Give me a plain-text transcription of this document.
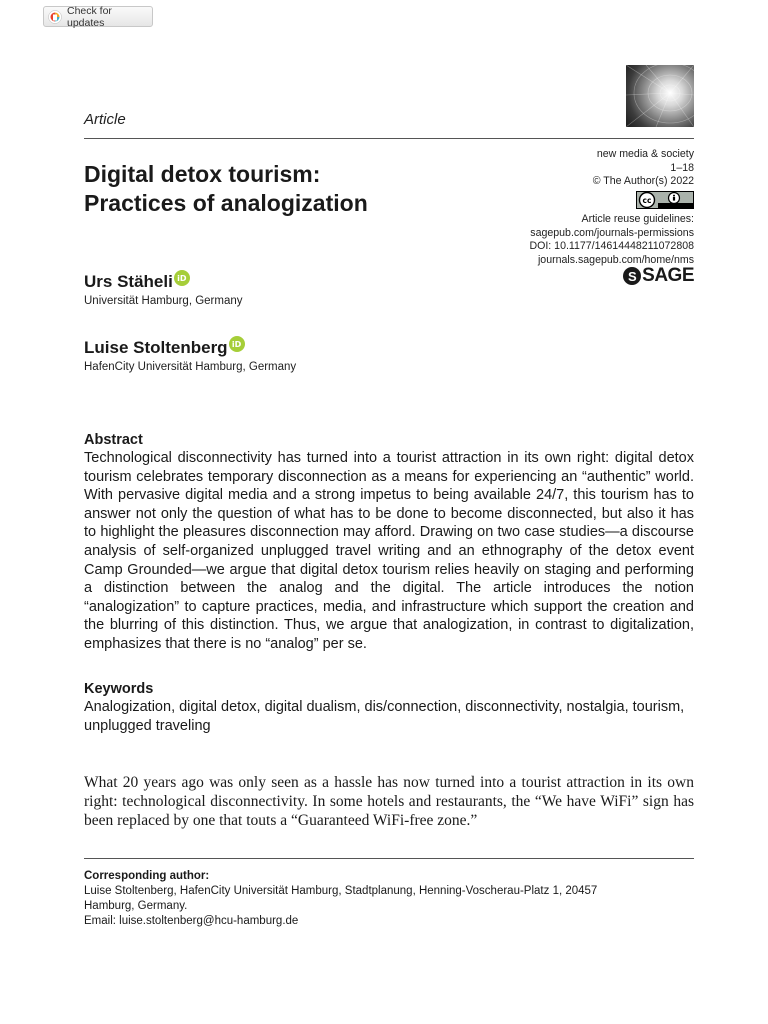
Check for updates
Article
Digital detox tourism:
Practices of analogization
new media & society
1–18
© The Author(s) 2022
cc
Article reuse guidelines:
sagepub.com/journals-permissions
DOI: 10.1177/14614448211072808
journals.sagepub.com/home/nms
S SAGE
Urs Stäheli iD
Universität Hamburg, Germany
Luise Stoltenberg iD
HafenCity Universität Hamburg, Germany
Abstract
Technological disconnectivity has turned into a tourist attraction in its own right: digital detox tourism celebrates temporary disconnection as a means for experiencing an “authentic” world. With pervasive digital media and a strong impetus to being available 24/7, this tourism has to answer not only the question of what has to be done to become disconnected, but also it has to highlight the pleasures disconnection may afford. Drawing on two case studies—a discourse analysis of self-organized unplugged travel writing and an ethnography of the detox event Camp Grounded—we argue that digital detox tourism relies heavily on staging and performing a distinction between the analog and the digital. The article introduces the notion “analogization” to capture practices, media, and infrastructure which support the creation and the blurring of this distinction. Thus, we argue that analogization, in contrast to digitalization, emphasizes that there is no “analog” per se.
Keywords
Analogization, digital detox, digital dualism, dis/connection, disconnectivity, nostalgia, tourism, unplugged traveling
What 20 years ago was only seen as a hassle has now turned into a tourist attraction in its own right: technological disconnectivity. In some hotels and restaurants, the “We have WiFi” sign has been replaced by one that touts a “Guaranteed WiFi-free zone.”
Corresponding author:
Luise Stoltenberg, HafenCity Universität Hamburg, Stadtplanung, Henning-Voscherau-Platz 1, 20457
Hamburg, Germany.
Email: luise.stoltenberg@hcu-hamburg.de
